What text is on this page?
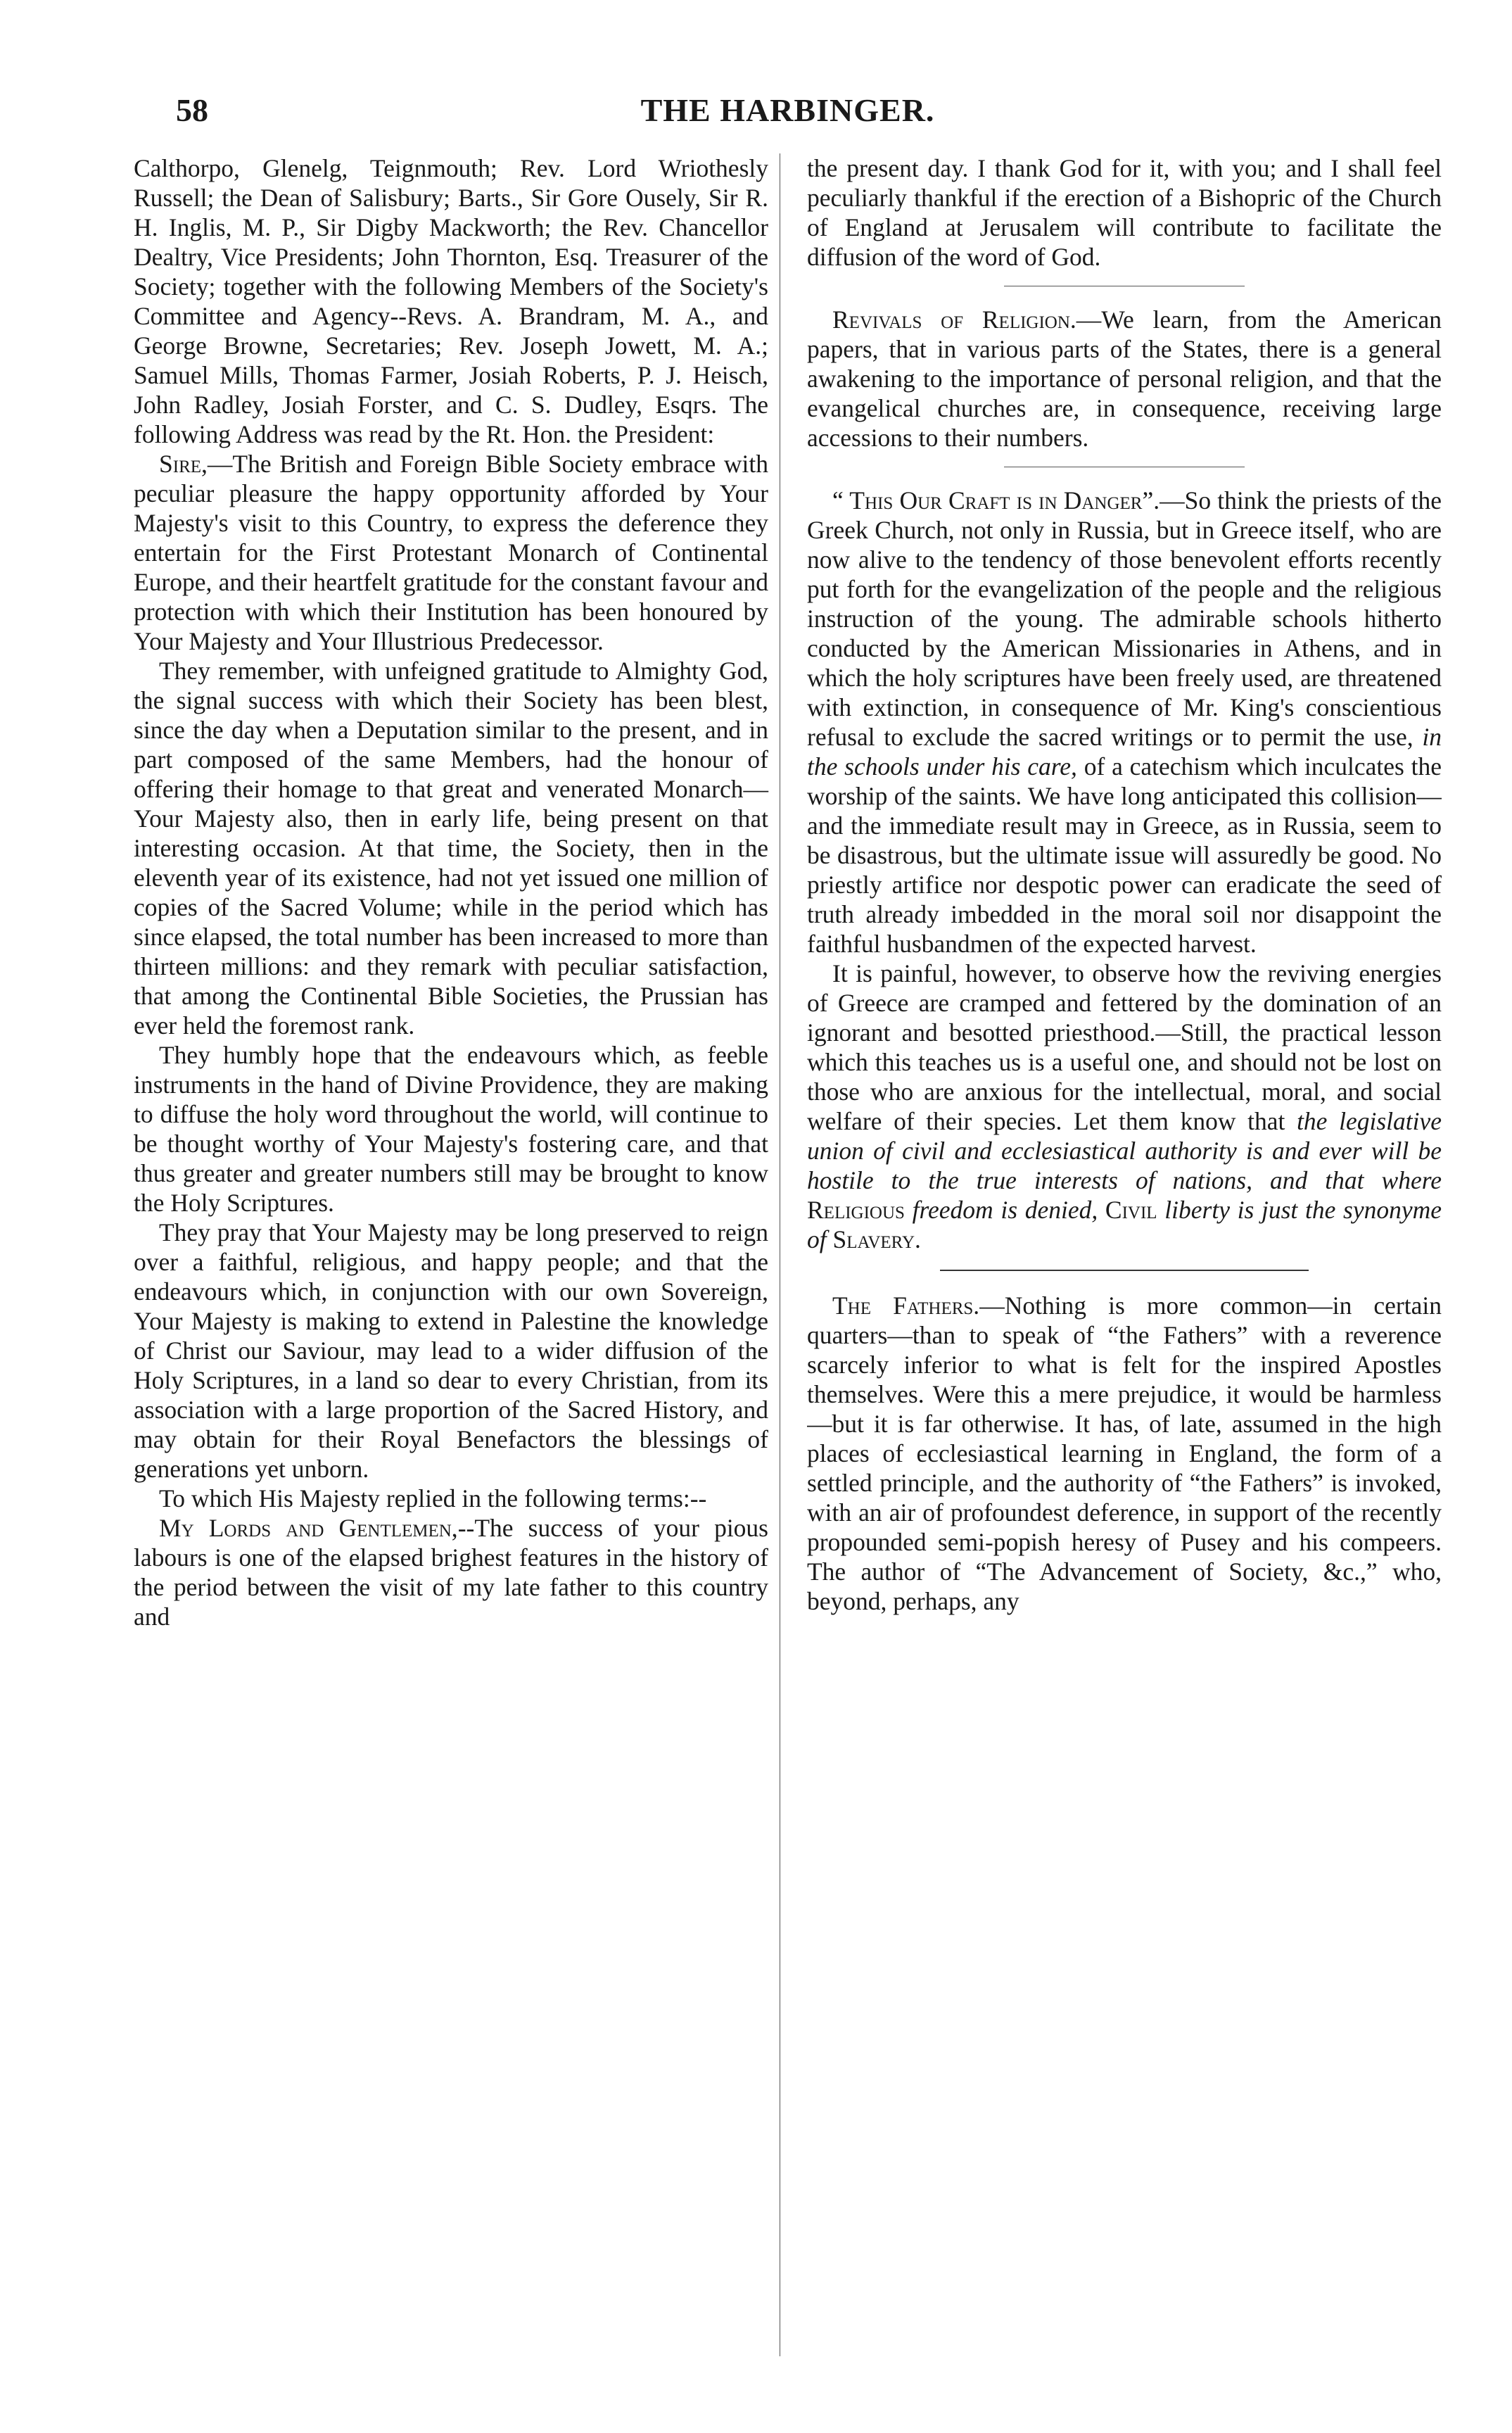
58	THE HARBINGER.

Calthorpo, Glenelg, Teignmouth; Rev. Lord Wriothesly Russell; the Dean of Salisbury; Barts., Sir Gore Ousely, Sir R. H. Inglis, M. P., Sir Digby Mackworth; the Rev. Chancellor Dealtry, Vice Presidents; John Thornton, Esq. Treasurer of the Society; together with the following Members of the Society's Committee and Agency--Revs. A. Brandram, M. A., and George Browne, Secretaries; Rev. Joseph Jowett, M. A.; Samuel Mills, Thomas Farmer, Josiah Roberts, P. J. Heisch, John Radley, Josiah Forster, and C. S. Dudley, Esqrs. The following Address was read by the Rt. Hon. the President:

Sire,—The British and Foreign Bible Society embrace with peculiar pleasure the happy opportunity afforded by Your Majesty's visit to this Country, to express the deference they entertain for the First Protestant Monarch of Continental Europe, and their heartfelt gratitude for the constant favour and protection with which their Institution has been honoured by Your Majesty and Your Illustrious Predecessor.

They remember, with unfeigned gratitude to Almighty God, the signal success with which their Society has been blest, since the day when a Deputation similar to the present, and in part composed of the same Members, had the honour of offering their homage to that great and venerated Monarch—Your Majesty also, then in early life, being present on that interesting occasion. At that time, the Society, then in the eleventh year of its existence, had not yet issued one million of copies of the Sacred Volume; while in the period which has since elapsed, the total number has been increased to more than thirteen millions: and they remark with peculiar satisfaction, that among the Continental Bible Societies, the Prussian has ever held the foremost rank.

They humbly hope that the endeavours which, as feeble instruments in the hand of Divine Providence, they are making to diffuse the holy word throughout the world, will continue to be thought worthy of Your Majesty's fostering care, and that thus greater and greater numbers still may be brought to know the Holy Scriptures.

They pray that Your Majesty may be long preserved to reign over a faithful, religious, and happy people; and that the endeavours which, in conjunction with our own Sovereign, Your Majesty is making to extend in Palestine the knowledge of Christ our Saviour, may lead to a wider diffusion of the Holy Scriptures, in a land so dear to every Christian, from its association with a large proportion of the Sacred History, and may obtain for their Royal Benefactors the blessings of generations yet unborn.

To which His Majesty replied in the following terms:--

My Lords and Gentlemen,--The success of your pious labours is one of the elapsed brighest features in the history of the period between the visit of my late father to this country and

the present day. I thank God for it, with you; and I shall feel peculiarly thankful if the erection of a Bishopric of the Church of England at Jerusalem will contribute to facilitate the diffusion of the word of God.

Revivals of Religion.—We learn, from the American papers, that in various parts of the States, there is a general awakening to the importance of personal religion, and that the evangelical churches are, in consequence, receiving large accessions to their numbers.

“ This Our Craft is in Danger”.—So think the priests of the Greek Church, not only in Russia, but in Greece itself, who are now alive to the tendency of those benevolent efforts recently put forth for the evangelization of the people and the religious instruction of the young. The admirable schools hitherto conducted by the American Missionaries in Athens, and in which the holy scriptures have been freely used, are threatened with extinction, in consequence of Mr. King's conscientious refusal to exclude the sacred writings or to permit the use, in the schools under his care, of a catechism which inculcates the worship of the saints. We have long anticipated this collision—and the immediate result may in Greece, as in Russia, seem to be disastrous, but the ultimate issue will assuredly be good. No priestly artifice nor despotic power can eradicate the seed of truth already imbedded in the moral soil nor disappoint the faithful husbandmen of the expected harvest.

It is painful, however, to observe how the reviving energies of Greece are cramped and fettered by the domination of an ignorant and besotted priesthood.—Still, the practical lesson which this teaches us is a useful one, and should not be lost on those who are anxious for the intellectual, moral, and social welfare of their species. Let them know that the legislative union of civil and ecclesiastical authority is and ever will be hostile to the true interests of nations, and that where Religious freedom is denied, Civil liberty is just the synonyme of Slavery.

The Fathers.—Nothing is more common—in certain quarters—than to speak of “the Fathers” with a reverence scarcely inferior to what is felt for the inspired Apostles themselves. Were this a mere prejudice, it would be harmless—but it is far otherwise. It has, of late, assumed in the high places of ecclesiastical learning in England, the form of a settled principle, and the authority of “the Fathers” is invoked, with an air of profoundest deference, in support of the recently propounded semi-popish heresy of Pusey and his compeers. The author of “The Advancement of Society, &c.,” who, beyond, perhaps, any
